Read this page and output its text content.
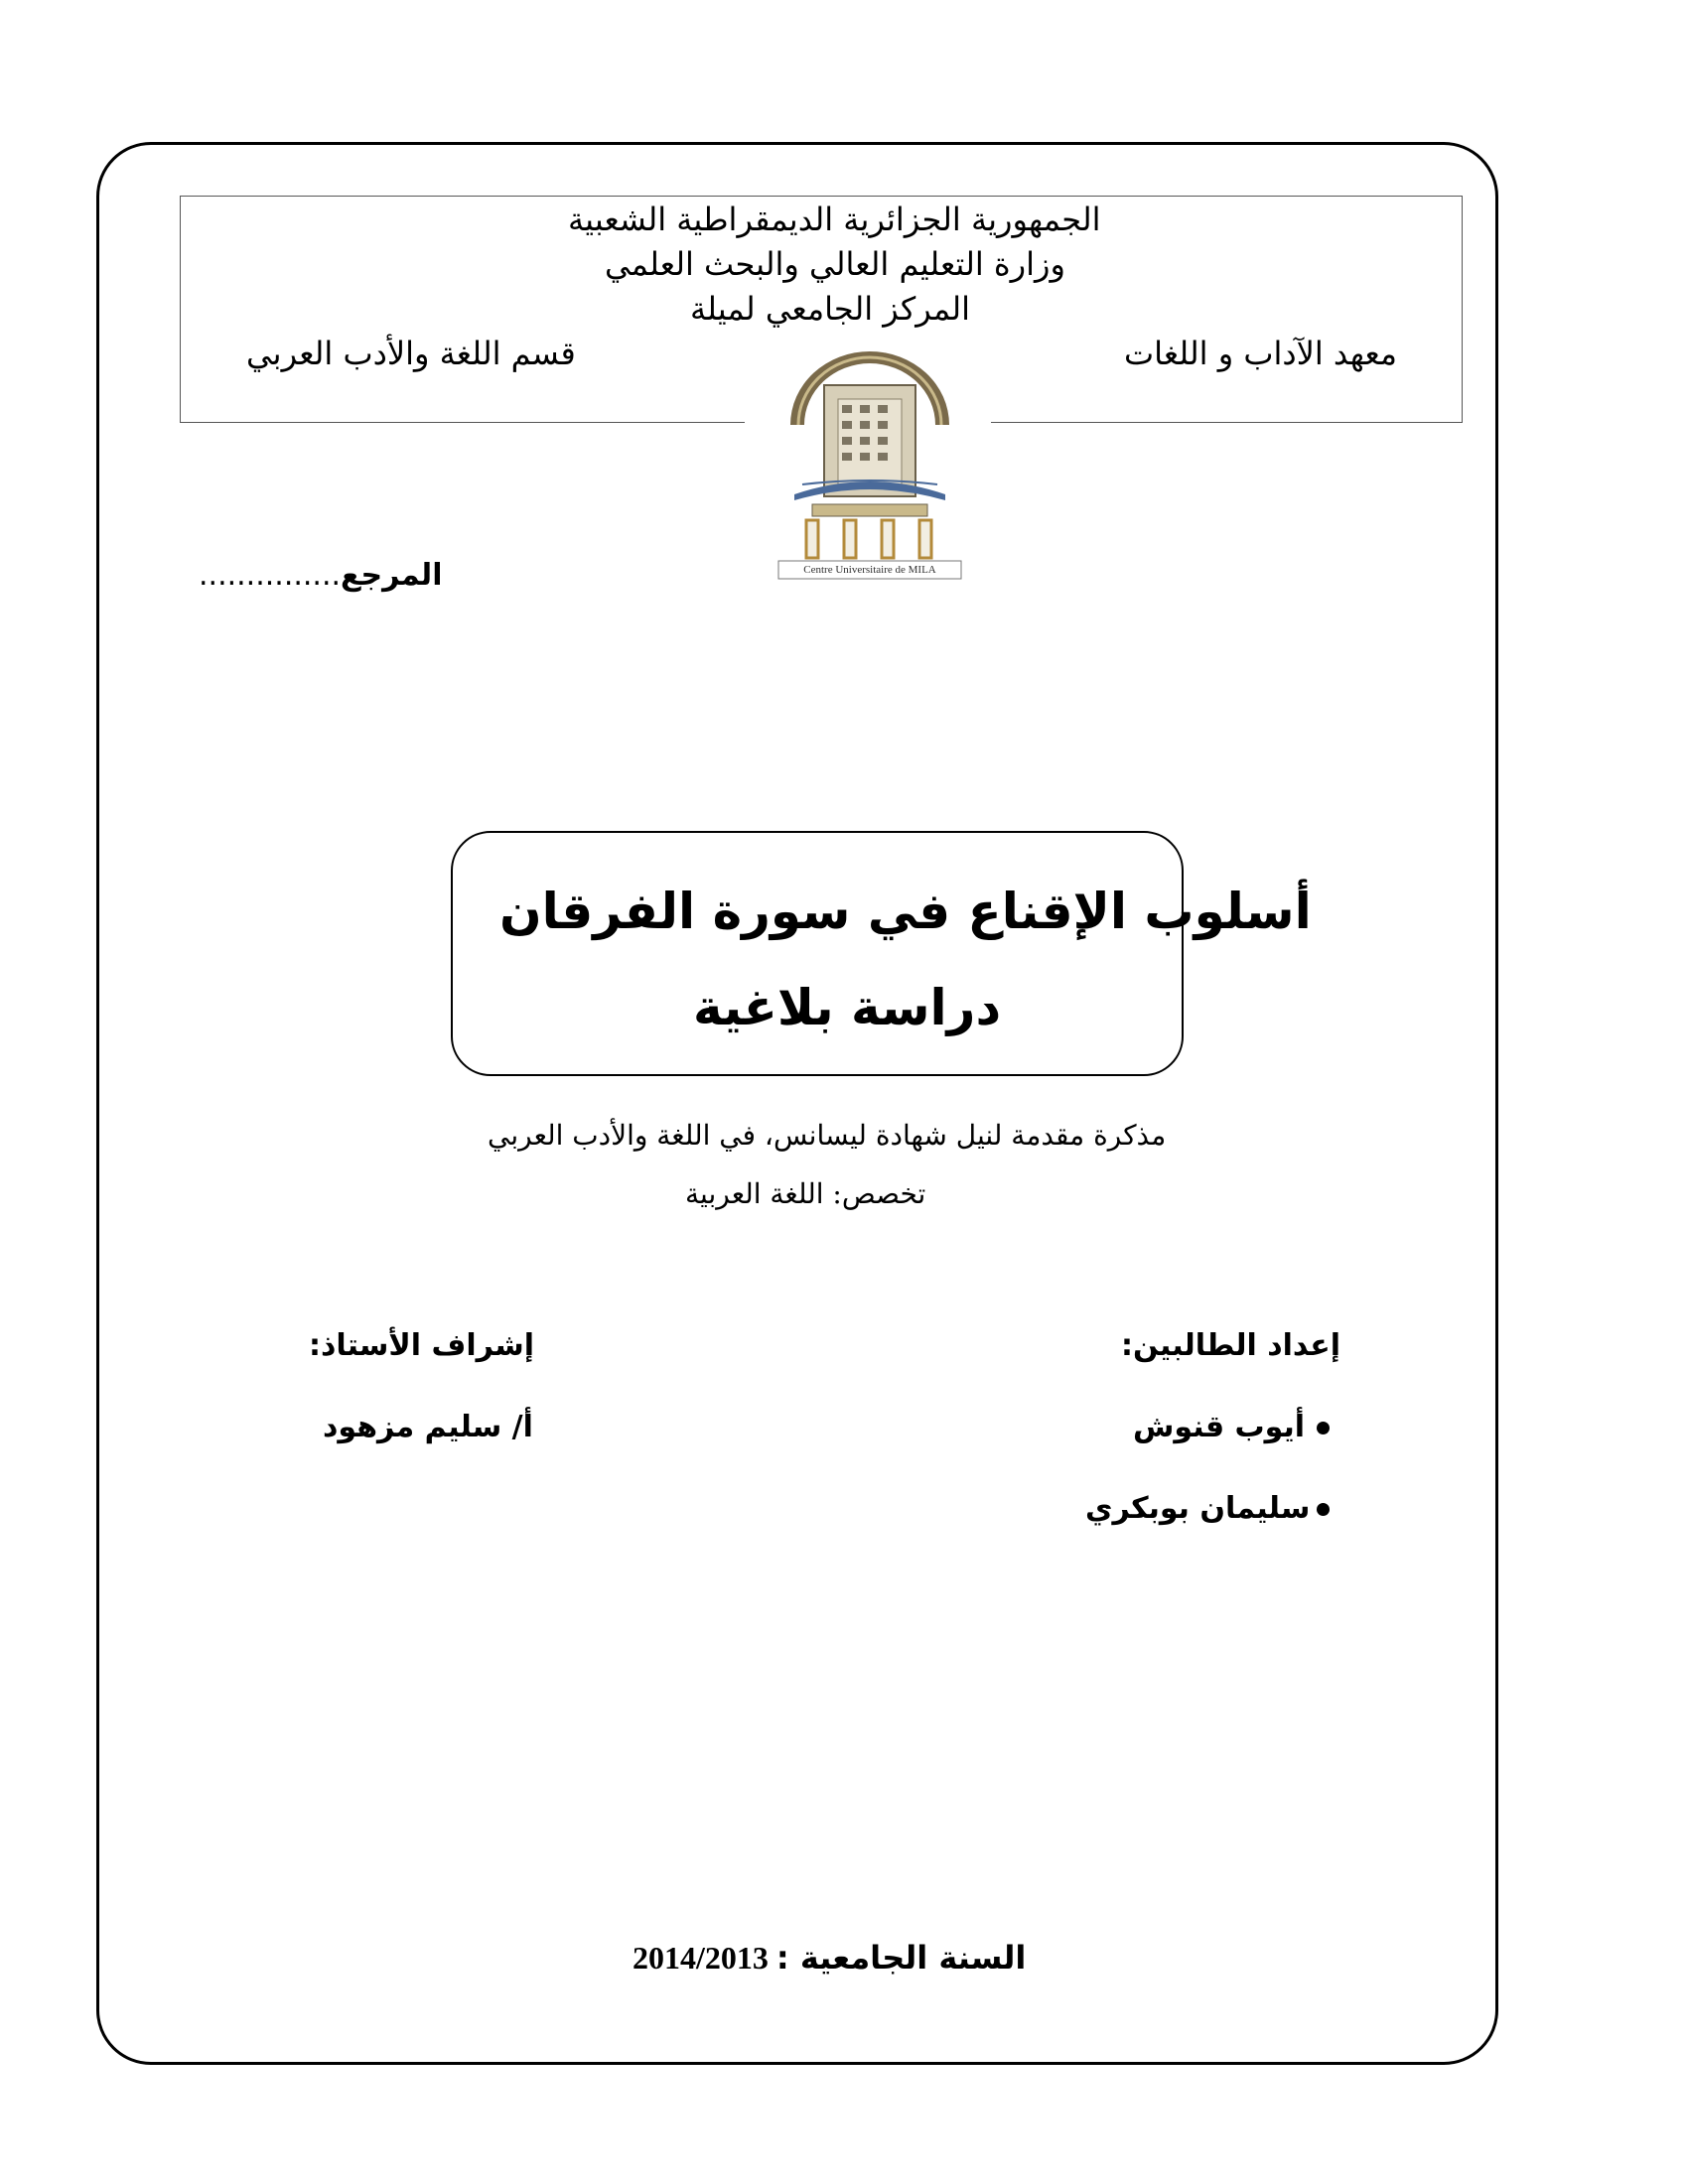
الجمهورية الجزائرية الديمقراطية الشعبية
وزارة التعليم العالي والبحث العلمي
المركز الجامعي لميلة
معهد الآداب و اللغات
قسم اللغة والأدب العربي
Centre Universitaire de MILA
المرجع...............
أسلوب الإقناع في سورة الفرقان
دراسة بلاغية
مذكرة مقدمة لنيل شهادة ليسانس، في اللغة والأدب العربي
تخصص: اللغة العربية
إعداد الطالبين:
إشراف الأستاذ:
أيوب قنوش
سليمان بوبكري
أ/ سليم مزهود
السنة الجامعية : 2014/2013
